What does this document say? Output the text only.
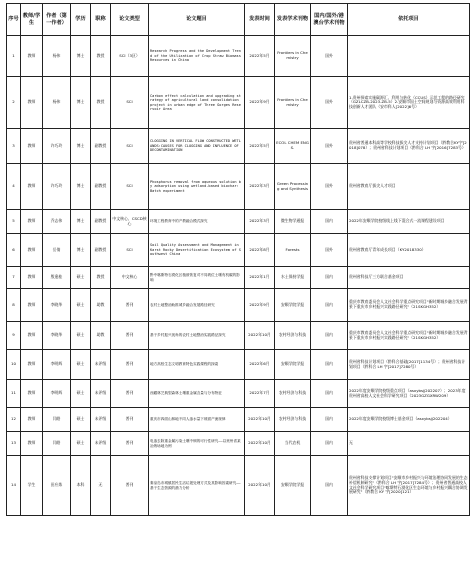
序号	教师/学生	作者（第一作者）	学历	职称	论文类型	论文题目	发表时间	发表学术刊物	国内/国外/港澳台学术刊物	依托项目
1	教师	杨伟	博士	教授	SCI（3区）	Research Progress and the Development Trend of the Utilization of Crop Straw Biomass Resources in China	2022年5月	Frontiers in Chemistry	国外	
2	教师	杨伟	博士	教授	SCI	Carbon effect calculation and upgrading strategy of agricultural land consolidation project in urban edge of Three Gorges Reservoir Area	2022年9月	Frontiers in Chemistry	国外	1.贵州探索实施碳源汇、利用与转化（CCUS）示范工程的路径研究（GZLCZB-2023-ZB-5）2.安顺市国土空间规划与资源高效利用科技创新人才团队（安市科人[2022]6号）
3	教师	许巧玲	博士	副教授	SCI	CLOGGING IN VERTICAL FLOW CONSTRUCTED WETLANDS:CAUSES FOR CLOGGING AND INFLUENCE OF DECONTAMINATION	2022年5月	ECOL CHEM ENG S.	国外	贵州省普通本科高等学校科技拔尖人才支持计划项目（黔教合KY字[2018]078）；贵州省科技计划项目（黔科合 LH 字[2016]7283号）
4	教师	许巧玲	博士	副教授	SCI	Phosphorus removal from aqueous solution by adsorption using wetland-based biochar: Batch experiment	2022年3月	Green Processing and Synthesis	国外	贵州省教育厅拔尖人才项目
5	教师	乔志伟	博士	副教授	中文核心、CSCD核心	环境工程教育中的产教融合模式探究	2022年3月	微生物学通报	国内	2022年安顺学院校级线上线下混合式一流课程建设项目
6	教师	岳倩	博士	副教授	SCI	Soil Quality Assessment and Management in Karst Rocky Desertification Ecosystem of Southwest China	2022年8月	Forests	国外	贵州省教育厅青年成长项目（KY2018330）
7	教师	殷逢桂	硕士	教授	中文核心	黔中喀斯特石漠化区植被恢复对不同坡位土壤有机碳的影响	2022年1月	水土保持学报	国内	贵州省科技厅三方联合基金项目
8	教师	李晓华	硕士	助教	普刊	农村土地整治助推城乡融合发展路径研究	2022年9月	安顺学院学报	国内	重庆市教育委员会人文社会科学重点研究项目"新时期城乡融合发展背景下重庆市乡村振兴实践路径研究"（21SKGH352）
9	教师	李晓华	硕士	助教	普刊	基于乡村振兴视角的农村土地整治实践路径探究	2022年10月	农村经济与科技	国内	重庆市教育委员会人文社会科学重点研究项目"新时期城乡融合发展背景下重庆市乡村振兴实践路径研究"（21SKGH352）
10	教师	李明辉	硕士	未评级	普刊	地方高校生态文明教育特色实践课程的探索	2022年6月	安顺学院学报	国内	贵州省科技计划项目（黔科合基础[2017]1134号）；贵州省科技计划项目（黔科合 LH 字[2017]7280号）
11	教师	李明辉	硕士	未评级	普刊	西藏林芝典型森林土壤重金属含量与分布特征	2022年7月	农村经济与科技	国内	2022年度安顺学院校级重点项目（asxybsjj202207）；2023年度贵州省高校人文社会科学研究项目（2023GZGXRW209）
12	教师	闫皓	硕士	未评级	普刊	重庆市四面山林地不同人渗水量下坡面产流规律	2022年10月	农村经济与科技	国内	2022年度安顺学院校级博士基金项目（asxybsjj202204）
13	教师	闫皓	硕士	未评级	普刊	电渗去除重金属污染土壤中铜的可行性研究——以贵州省某冶炼场地为例	2022年10月	当代农机	国内	无
14	学生	田应炼	本科	无	普刊	秦皇岛市城镇居民生活垃圾处理方式及其影响因素研究——基于生态资源的潜力分析	2022年10月	安顺学院学报	国内	贵州省科技支撑计划项目"安顺市乡村振兴与环境治理协同发展的生态补偿机制研究"（黔科合 LH 字[2017]7284号）；贵州省普通高校人文社会科学研究项目"喀斯特石漠化区生态环境与乡村振兴耦合协调发展研究"（黔教合 KY 字[2020]121）
